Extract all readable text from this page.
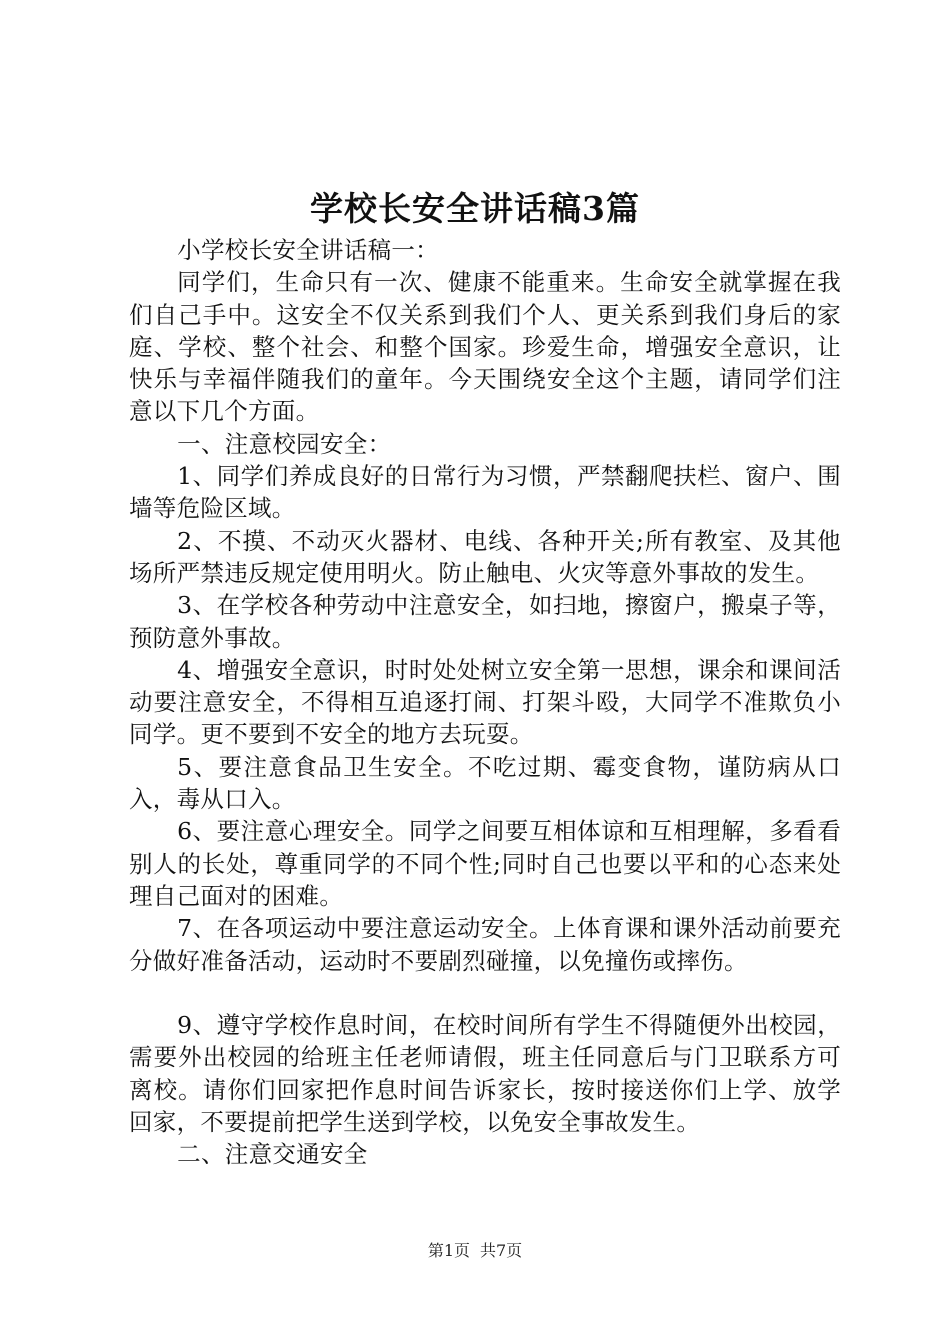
学校长安全讲话稿3篇

小学校长安全讲话稿一：

同学们，生命只有一次、健康不能重来。生命安全就掌握在我们自己手中。这安全不仅关系到我们个人、更关系到我们身后的家庭、学校、整个社会、和整个国家。珍爱生命，增强安全意识，让快乐与幸福伴随我们的童年。今天围绕安全这个主题，请同学们注意以下几个方面。

一、注意校园安全：

1、同学们养成良好的日常行为习惯，严禁翻爬扶栏、窗户、围墙等危险区域。

2、不摸、不动灭火器材、电线、各种开关;所有教室、及其他场所严禁违反规定使用明火。防止触电、火灾等意外事故的发生。

3、在学校各种劳动中注意安全，如扫地，擦窗户，搬桌子等，预防意外事故。

4、增强安全意识，时时处处树立安全第一思想，课余和课间活动要注意安全，不得相互追逐打闹、打架斗殴，大同学不准欺负小同学。更不要到不安全的地方去玩耍。

5、要注意食品卫生安全。不吃过期、霉变食物，谨防病从口入，毒从口入。

6、要注意心理安全。同学之间要互相体谅和互相理解，多看看别人的长处，尊重同学的不同个性;同时自己也要以平和的心态来处理自己面对的困难。

7、在各项运动中要注意运动安全。上体育课和课外活动前要充分做好准备活动，运动时不要剧烈碰撞，以免撞伤或摔伤。

9、遵守学校作息时间，在校时间所有学生不得随便外出校园，需要外出校园的给班主任老师请假，班主任同意后与门卫联系方可离校。请你们回家把作息时间告诉家长，按时接送你们上学、放学回家，不要提前把学生送到学校，以免安全事故发生。

二、注意交通安全

第1页 共7页
